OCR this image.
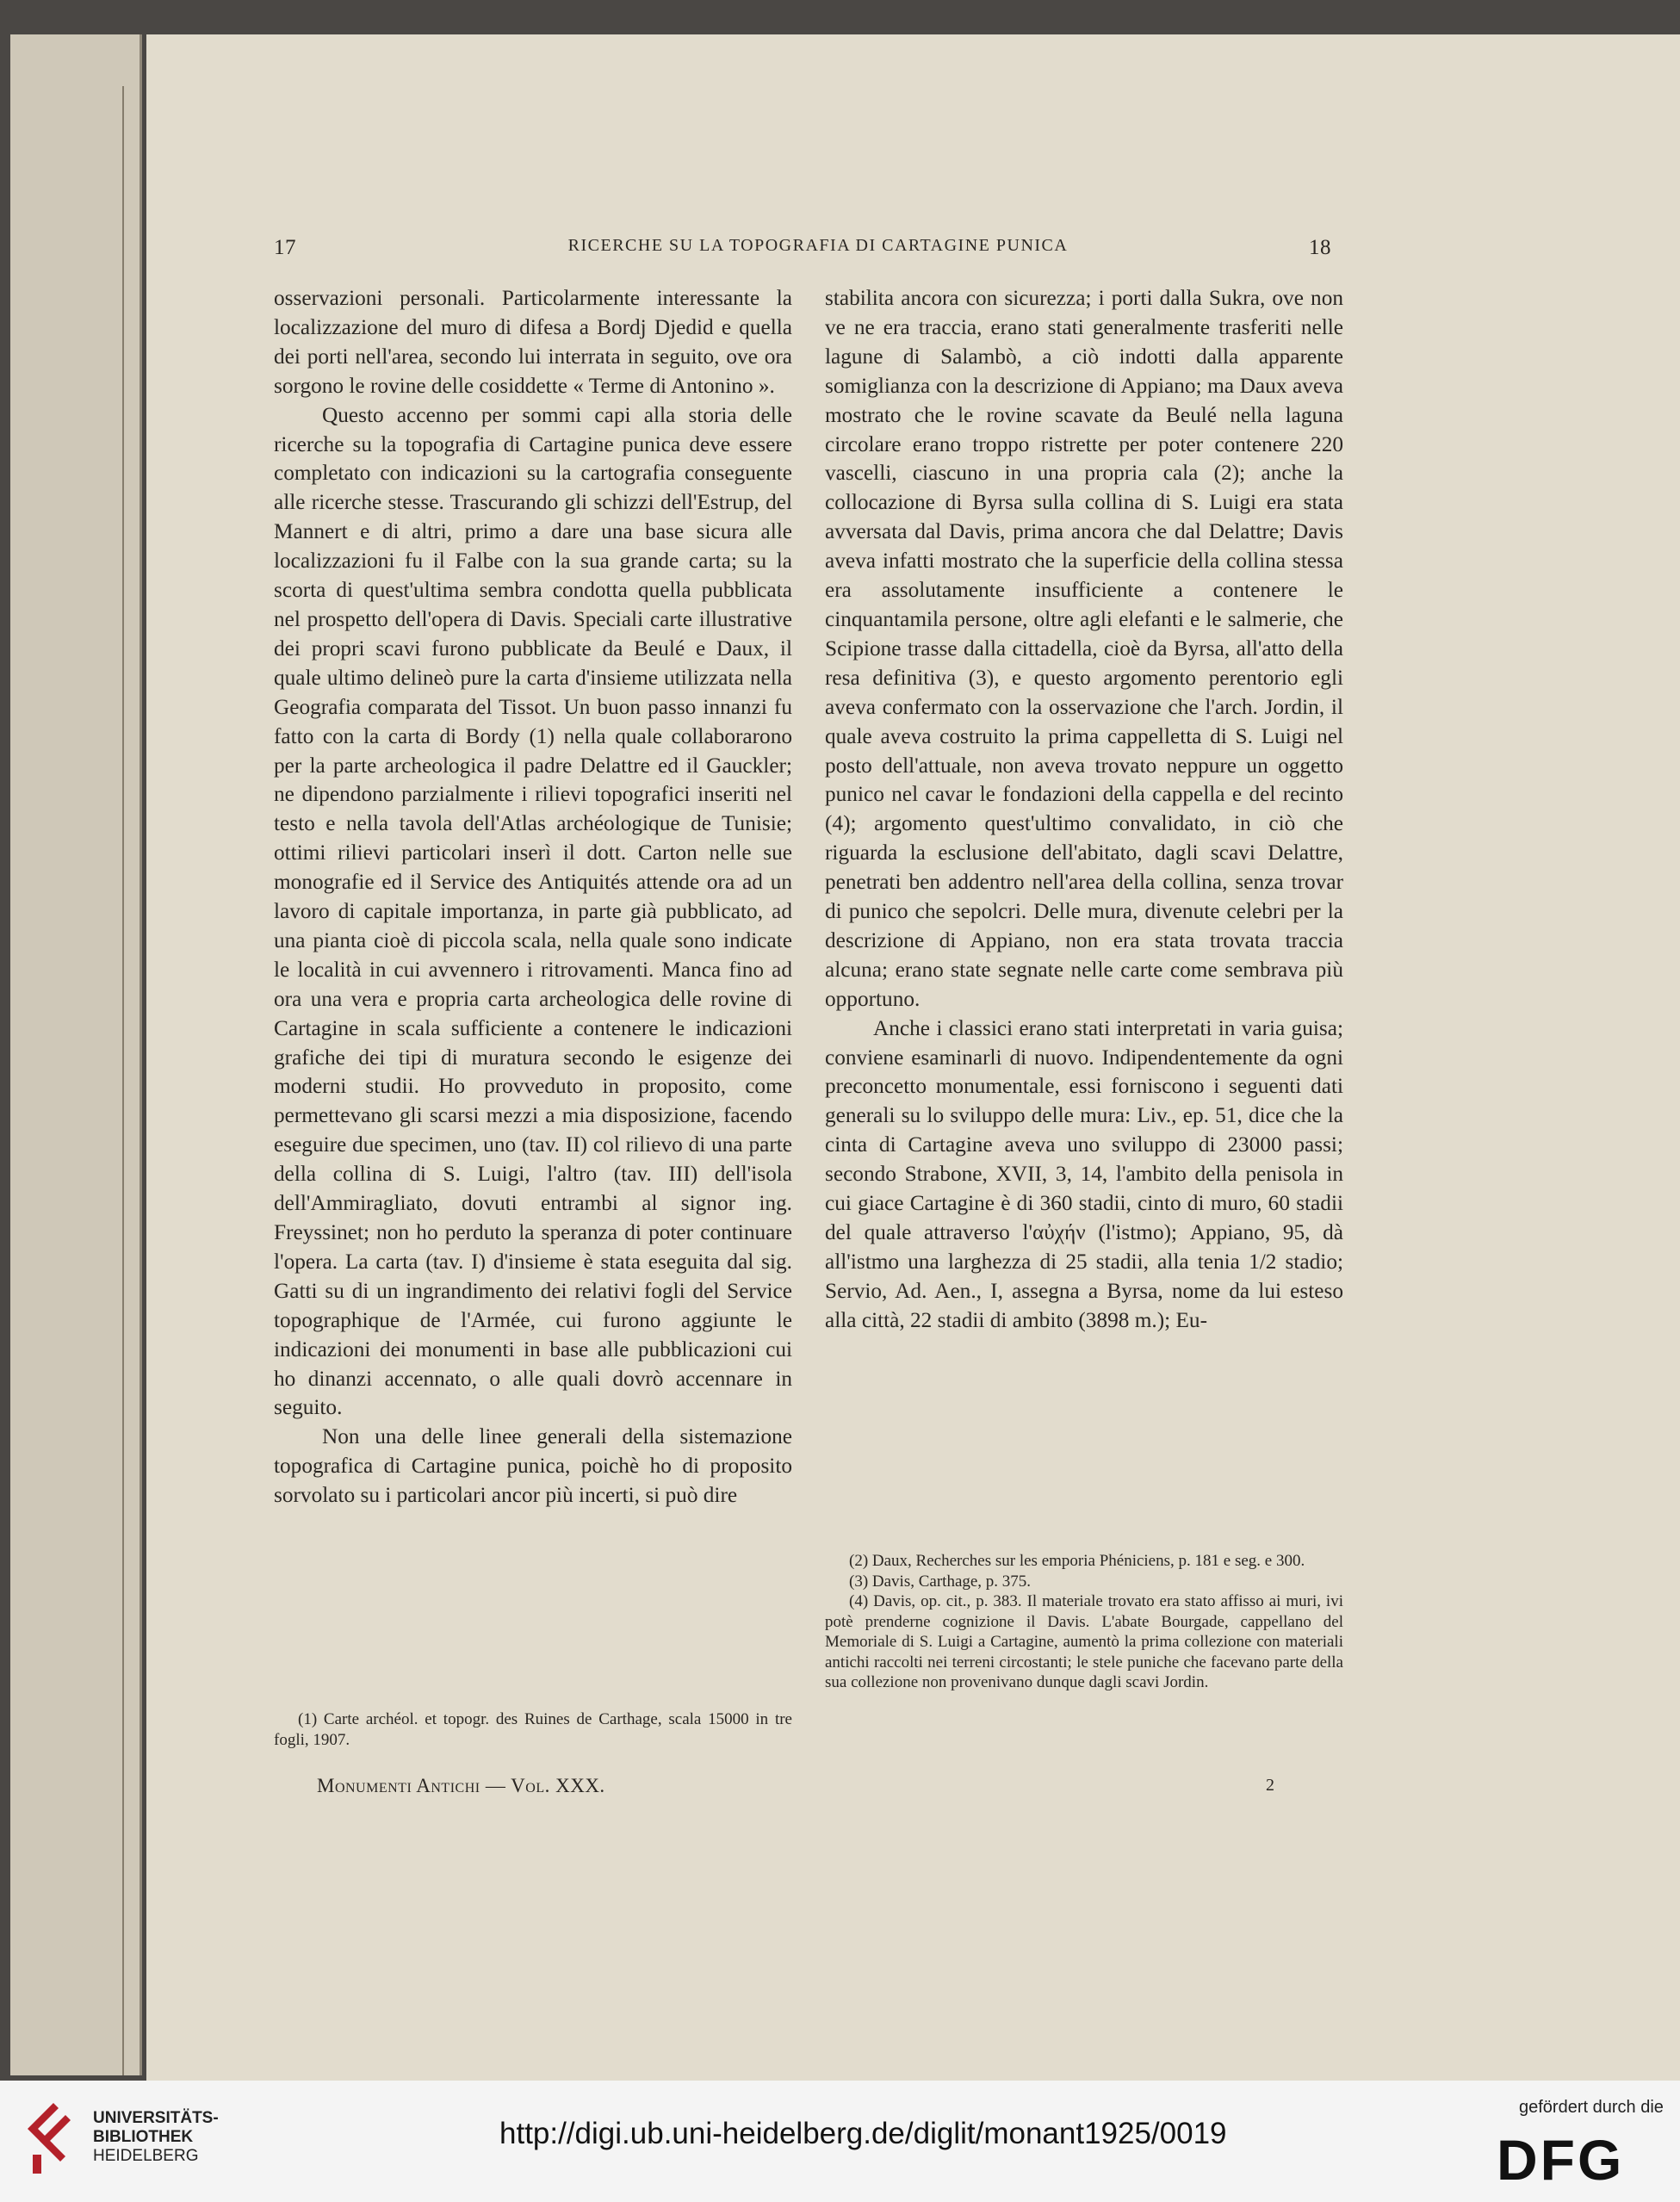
17	RICERCHE SU LA TOPOGRAFIA DI CARTAGINE PUNICA	18

osservazioni personali. Particolarmente interessante la localizzazione del muro di difesa a Bordj Djedid e quella dei porti nell'area, secondo lui interrata in seguito, ove ora sorgono le rovine delle cosiddette « Terme di Antonino ».

Questo accenno per sommi capi alla storia delle ricerche su la topografia di Cartagine punica deve essere completato con indicazioni su la cartografia conseguente alle ricerche stesse. Trascurando gli schizzi dell'Estrup, del Mannert e di altri, primo a dare una base sicura alle localizzazioni fu il Falbe con la sua grande carta; su la scorta di quest'ultima sembra condotta quella pubblicata nel prospetto dell'opera di Davis. Speciali carte illustrative dei propri scavi furono pubblicate da Beulé e Daux, il quale ultimo delineò pure la carta d'insieme utilizzata nella Geografia comparata del Tissot. Un buon passo innanzi fu fatto con la carta di Bordy (1) nella quale collaborarono per la parte archeologica il padre Delattre ed il Gauckler; ne dipendono parzialmente i rilievi topografici inseriti nel testo e nella tavola dell'Atlas archéologique de Tunisie; ottimi rilievi particolari inserì il dott. Carton nelle sue monografie ed il Service des Antiquités attende ora ad un lavoro di capitale importanza, in parte già pubblicato, ad una pianta cioè di piccola scala, nella quale sono indicate le località in cui avvennero i ritrovamenti. Manca fino ad ora una vera e propria carta archeologica delle rovine di Cartagine in scala sufficiente a contenere le indicazioni grafiche dei tipi di muratura secondo le esigenze dei moderni studii. Ho provveduto in proposito, come permettevano gli scarsi mezzi a mia disposizione, facendo eseguire due specimen, uno (tav. II) col rilievo di una parte della collina di S. Luigi, l'altro (tav. III) dell'isola dell'Ammiragliato, dovuti entrambi al signor ing. Freyssinet; non ho perduto la speranza di poter continuare l'opera. La carta (tav. I) d'insieme è stata eseguita dal sig. Gatti su di un ingrandimento dei relativi fogli del Service topographique de l'Armée, cui furono aggiunte le indicazioni dei monumenti in base alle pubblicazioni cui ho dinanzi accennato, o alle quali dovrò accennare in seguito.

Non una delle linee generali della sistemazione topografica di Cartagine punica, poichè ho di proposito sorvolato su i particolari ancor più incerti, si può dire

stabilita ancora con sicurezza; i porti dalla Sukra, ove non ve ne era traccia, erano stati generalmente trasferiti nelle lagune di Salambò, a ciò indotti dalla apparente somiglianza con la descrizione di Appiano; ma Daux aveva mostrato che le rovine scavate da Beulé nella laguna circolare erano troppo ristrette per poter contenere 220 vascelli, ciascuno in una propria cala (2); anche la collocazione di Byrsa sulla collina di S. Luigi era stata avversata dal Davis, prima ancora che dal Delattre; Davis aveva infatti mostrato che la superficie della collina stessa era assolutamente insufficiente a contenere le cinquantamila persone, oltre agli elefanti e le salmerie, che Scipione trasse dalla cittadella, cioè da Byrsa, all'atto della resa definitiva (3), e questo argomento perentorio egli aveva confermato con la osservazione che l'arch. Jordin, il quale aveva costruito la prima cappelletta di S. Luigi nel posto dell'attuale, non aveva trovato neppure un oggetto punico nel cavar le fondazioni della cappella e del recinto (4); argomento quest'ultimo convalidato, in ciò che riguarda la esclusione dell'abitato, dagli scavi Delattre, penetrati ben addentro nell'area della collina, senza trovar di punico che sepolcri. Delle mura, divenute celebri per la descrizione di Appiano, non era stata trovata traccia alcuna; erano state segnate nelle carte come sembrava più opportuno.

Anche i classici erano stati interpretati in varia guisa; conviene esaminarli di nuovo. Indipendentemente da ogni preconcetto monumentale, essi forniscono i seguenti dati generali su lo sviluppo delle mura: Liv., ep. 51, dice che la cinta di Cartagine aveva uno sviluppo di 23000 passi; secondo Strabone, XVII, 3, 14, l'ambito della penisola in cui giace Cartagine è di 360 stadii, cinto di muro, 60 stadii del quale attraverso l'αὐχήν (l'istmo); Appiano, 95, dà all'istmo una larghezza di 25 stadii, alla tenia 1/2 stadio; Servio, Ad. Aen., I, assegna a Byrsa, nome da lui esteso alla città, 22 stadii di ambito (3898 m.); Eu-

(1) Carte archéol. et topogr. des Ruines de Carthage, scala 15000 in tre fogli, 1907.

(2) Daux, Recherches sur les emporia Phéniciens, p. 181 e seg. e 300.

(3) Davis, Carthage, p. 375.

(4) Davis, op. cit., p. 383. Il materiale trovato era stato affisso ai muri, ivi potè prenderne cognizione il Davis. L'abate Bourgade, cappellano del Memoriale di S. Luigi a Cartagine, aumentò la prima collezione con materiali antichi raccolti nei terreni circostanti; le stele puniche che facevano parte della sua collezione non provenivano dunque dagli scavi Jordin.

Monumenti Antichi — Vol. XXX.	2
UNIVERSITÄTS-
BIBLIOTHEK
HEIDELBERG
http://digi.ub.uni-heidelberg.de/diglit/monant1925/0019
gefördert durch die
DFG
